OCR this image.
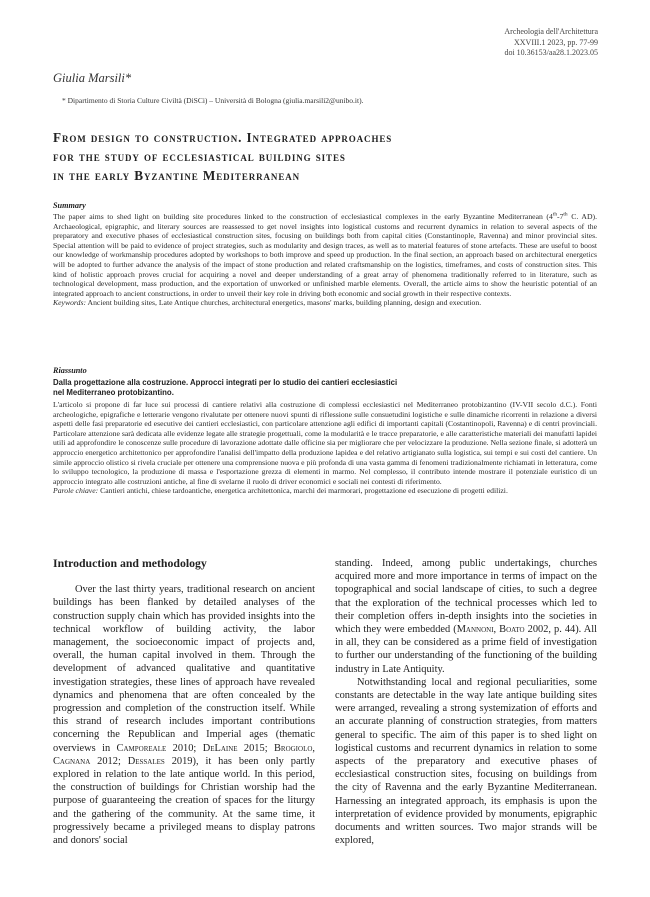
Archeologia dell'Architettura
XXVIII.1 2023, pp. 77-99
doi 10.36153/aa28.1.2023.05
Giulia Marsili*
* Dipartimento di Storia Culture Civiltà (DiSCi) – Università di Bologna (giulia.marsili2@unibo.it).
From design to construction. Integrated approaches
for the study of ecclesiastical building sites
in the early Byzantine Mediterranean
Summary

The paper aims to shed light on building site procedures linked to the construction of ecclesiastical complexes in the early Byzantine Mediterranean (4th-7th C. AD). Archaeological, epigraphic, and literary sources are reassessed to get novel insights into logistical customs and recurrent dynamics in relation to several aspects of the preparatory and executive phases of ecclesiastical construction sites, focusing on buildings both from capital cities (Constantinople, Ravenna) and minor provincial sites. Special attention will be paid to evidence of project strategies, such as modularity and design traces, as well as to material features of stone artefacts. These are useful to boost our knowledge of workmanship procedures adopted by workshops to both improve and speed up production. In the final section, an approach based on architectural energetics will be adopted to further advance the analysis of the impact of stone production and related craftsmanship on the logistics, timeframes, and costs of construction sites. This kind of holistic approach proves crucial for acquiring a novel and deeper understanding of a great array of phenomena traditionally referred to in literature, such as technological development, mass production, and the exportation of unworked or unfinished marble elements. Overall, the article aims to show the heuristic potential of an integrated approach to ancient constructions, in order to unveil their key role in driving both economic and social growth in their respective contexts.

Keywords: Ancient building sites, Late Antique churches, architectural energetics, masons' marks, building planning, design and execution.

Riassunto
Dalla progettazione alla costruzione. Approcci integrati per lo studio dei cantieri ecclesiastici
nel Mediterraneo protobizantino.

L'articolo si propone di far luce sui processi di cantiere relativi alla costruzione di complessi ecclesiastici nel Mediterraneo protobizantino (IV-VII secolo d.C.). Fonti archeologiche, epigrafiche e letterarie vengono rivalutate per ottenere nuovi spunti di riflessione sulle consuetudini logistiche e sulle dinamiche ricorrenti in relazione a diversi aspetti delle fasi preparatorie ed esecutive dei cantieri ecclesiastici, con particolare attenzione agli edifici di importanti capitali (Costantinopoli, Ravenna) e di centri provinciali. Particolare attenzione sarà dedicata alle evidenze legate alle strategie progettuali, come la modularità e le tracce preparatorie, e alle caratteristiche materiali dei manufatti lapidei utili ad approfondire le conoscenze sulle procedure di lavorazione adottate dalle officine sia per migliorare che per velocizzare la produzione. Nella sezione finale, si adotterà un approccio energetico architettonico per approfondire l'analisi dell'impatto della produzione lapidea e del relativo artigianato sulla logistica, sui tempi e sui costi del cantiere. Un simile approccio olistico si rivela cruciale per ottenere una comprensione nuova e più profonda di una vasta gamma di fenomeni tradizionalmente richiamati in letteratura, come lo sviluppo tecnologico, la produzione di massa e l'esportazione grezza di elementi in marmo. Nel complesso, il contributo intende mostrare il potenziale euristico di un approccio integrato alle costruzioni antiche, al fine di svelarne il ruolo di driver economici e sociali nei contesti di riferimento.

Parole chiave: Cantieri antichi, chiese tardoantiche, energetica architettonica, marchi dei marmorari, progettazione ed esecuzione di progetti edilizi.

Introduction and methodology

Over the last thirty years, traditional research on ancient buildings has been flanked by detailed analyses of the construction supply chain which has provided insights into the technical workflow of building activity, the labor management, the socioeconomic impact of projects and, overall, the human capital involved in them. Through the development of advanced qualitative and quantitative investigation strategies, these lines of approach have revealed dynamics and phenomena that are often concealed by the progression and completion of the construction itself. While this strand of research includes important contributions concerning the Republican and Imperial ages (thematic overviews in Camporeale 2010; DeLaine 2015; Brogiolo, Cagnana 2012; Dessales 2019), it has been only partly explored in relation to the late antique world. In this period, the construction of buildings for Christian worship had the purpose of guaranteeing the creation of spaces for the liturgy and the gathering of the community. At the same time, it progressively became a privileged means to display patrons and donors' social

standing. Indeed, among public undertakings, churches acquired more and more importance in terms of impact on the topographical and social landscape of cities, to such a degree that the exploration of the technical processes which led to their completion offers in-depth insights into the societies in which they were embedded (Mannoni, Boato 2002, p. 44). All in all, they can be considered as a prime field of investigation to further our understanding of the functioning of the building industry in Late Antiquity.

Notwithstanding local and regional peculiarities, some constants are detectable in the way late antique building sites were arranged, revealing a strong systemization of efforts and an accurate planning of construction strategies, from matters general to specific. The aim of this paper is to shed light on logistical customs and recurrent dynamics in relation to some aspects of the preparatory and executive phases of ecclesiastical construction sites, focusing on buildings from the city of Ravenna and the early Byzantine Mediterranean. Harnessing an integrated approach, its emphasis is upon the interpretation of evidence provided by monuments, epigraphic documents and written sources. Two major strands will be explored,
